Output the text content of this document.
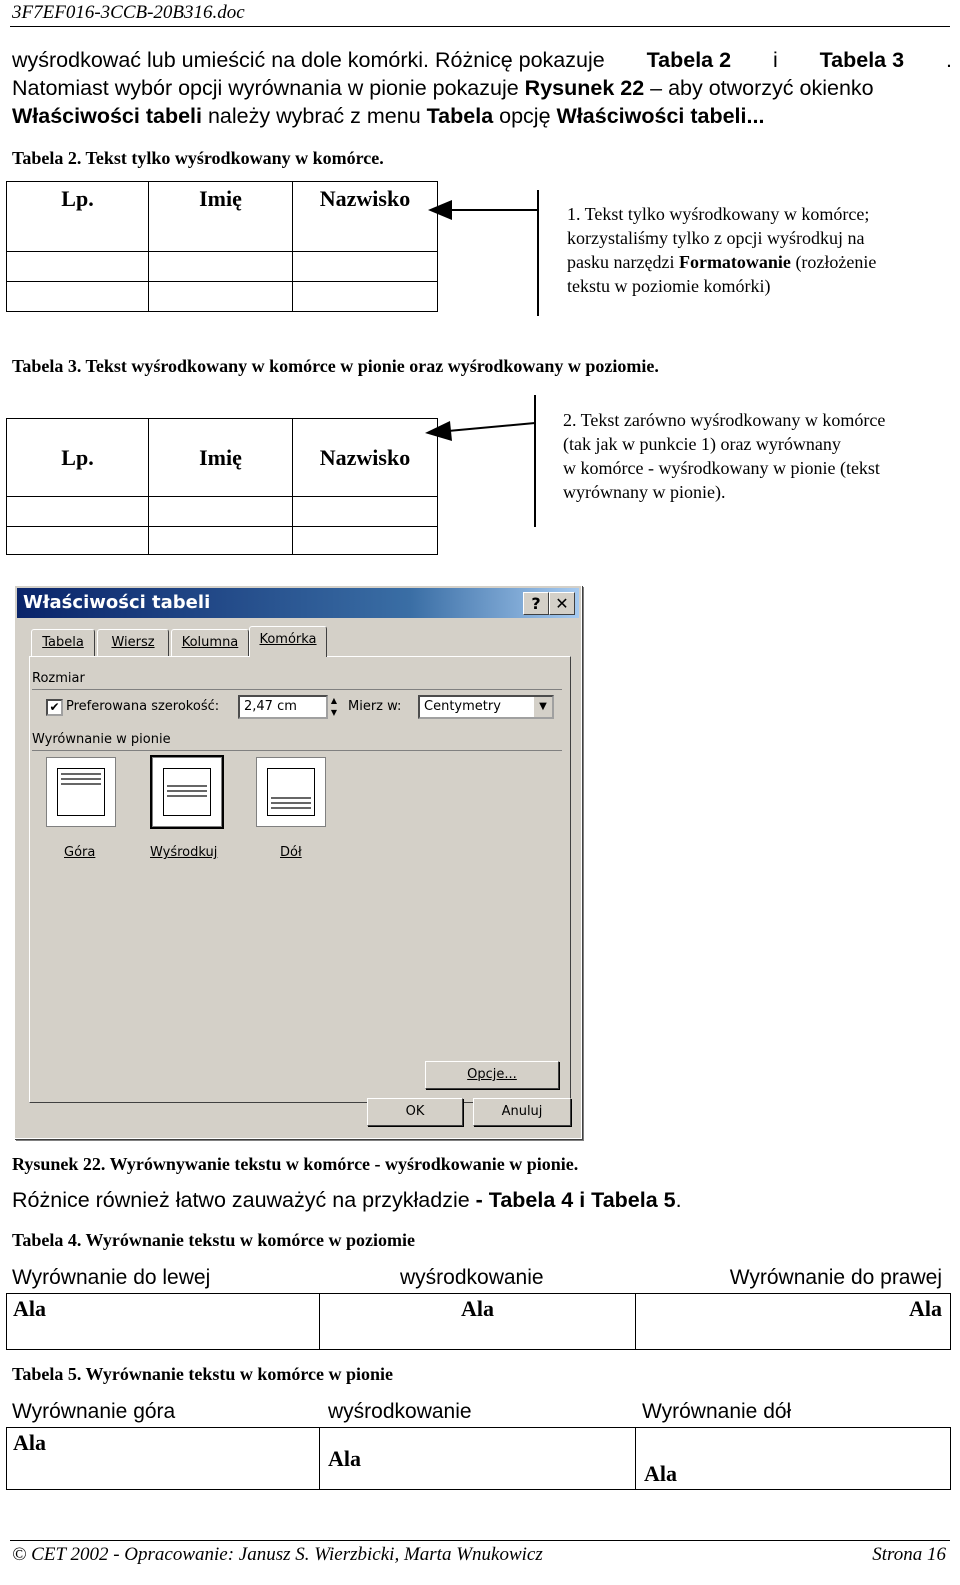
3F7EF016-3CCB-20B316.doc
wyśrodkować lub umieścić na dole komórki. Różnicę pokazuje Tabela 2 i Tabela 3 .
Natomiast wybór opcji wyrównania w pionie pokazuje Rysunek 22 – aby otworzyć okienko
Właściwości tabeli należy wybrać z menu Tabela opcję Właściwości tabeli...
Tabela 2. Tekst tylko wyśrodkowany w komórce.
Lp.	Imię	Nazwisko

1. Tekst tylko wyśrodkowany w komórce;
korzystaliśmy tylko z opcji wyśrodkuj na
pasku narzędzi Formatowanie (rozłożenie
tekstu w poziomie komórki)
Tabela 3. Tekst wyśrodkowany w komórce w pionie oraz wyśrodkowany w poziomie.
Lp.	Imię	Nazwisko

2. Tekst zarówno wyśrodkowany w komórce
(tak jak w punkcie 1) oraz wyrównany
w komórce - wyśrodkowany w pionie (tekst
wyrównany w pionie).
Właściwości tabeli	? ✕
Tabela	Wiersz	Kolumna	Komórka
Rozmiar
✔ Preferowana szerokość:	2,47 cm	▲
▼ Mierz w:	Centymetry	▼
Wyrównanie w pionie
Góra	Wyśrodkuj	Dół
Opcje...
OK	Anuluj
Rysunek 22. Wyrównywanie tekstu w komórce - wyśrodkowanie w pionie.
Różnice również łatwo zauważyć na przykładzie - Tabela 4 i Tabela 5.
Tabela 4. Wyrównanie tekstu w komórce w poziomie
Wyrównanie do lewej	wyśrodkowanie	Wyrównanie do prawej
Ala	Ala	Ala
Tabela 5. Wyrównanie tekstu w komórce w pionie
Wyrównanie góra	wyśrodkowanie	Wyrównanie dół
Ala	Ala	Ala
© CET 2002 - Opracowanie: Janusz S. Wierzbicki, Marta Wnukowicz	Strona 16
